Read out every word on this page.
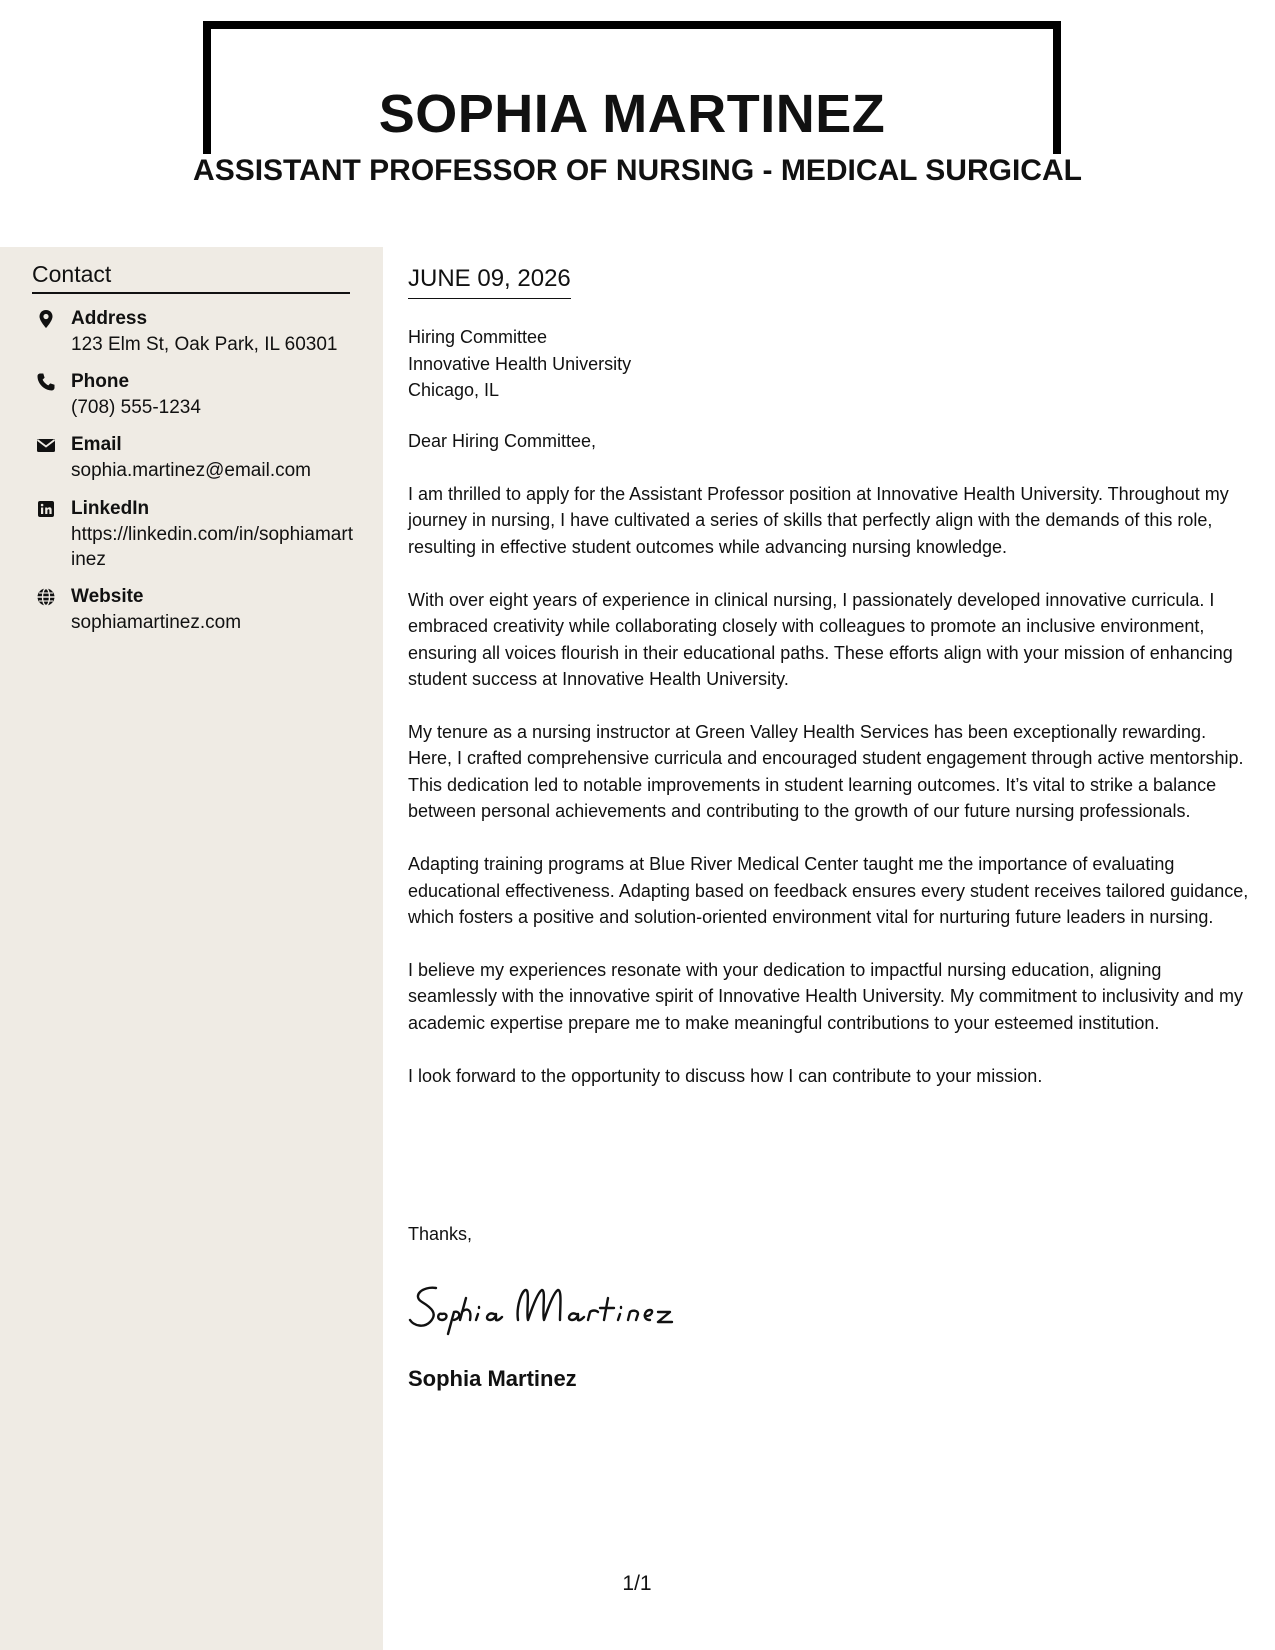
SOPHIA MARTINEZ
ASSISTANT PROFESSOR OF NURSING - MEDICAL SURGICAL
Contact
Address
123 Elm St, Oak Park, IL 60301
Phone
(708) 555-1234
Email
sophia.martinez@email.com
LinkedIn
https://linkedin.com/in/sophiamartinez
Website
sophiamartinez.com
JUNE 09, 2026
Hiring Committee
Innovative Health University
Chicago, IL

Dear Hiring Committee,

I am thrilled to apply for the Assistant Professor position at Innovative Health University. Throughout my journey in nursing, I have cultivated a series of skills that perfectly align with the demands of this role, resulting in effective student outcomes while advancing nursing knowledge.

With over eight years of experience in clinical nursing, I passionately developed innovative curricula. I embraced creativity while collaborating closely with colleagues to promote an inclusive environment, ensuring all voices flourish in their educational paths. These efforts align with your mission of enhancing student success at Innovative Health University.

My tenure as a nursing instructor at Green Valley Health Services has been exceptionally rewarding. Here, I crafted comprehensive curricula and encouraged student engagement through active mentorship. This dedication led to notable improvements in student learning outcomes. It’s vital to strike a balance between personal achievements and contributing to the growth of our future nursing professionals.

Adapting training programs at Blue River Medical Center taught me the importance of evaluating educational effectiveness. Adapting based on feedback ensures every student receives tailored guidance, which fosters a positive and solution-oriented environment vital for nurturing future leaders in nursing.

I believe my experiences resonate with your dedication to impactful nursing education, aligning seamlessly with the innovative spirit of Innovative Health University. My commitment to inclusivity and my academic expertise prepare me to make meaningful contributions to your esteemed institution.

I look forward to the opportunity to discuss how I can contribute to your mission.

Thanks,
Sophia Martinez
1/1
